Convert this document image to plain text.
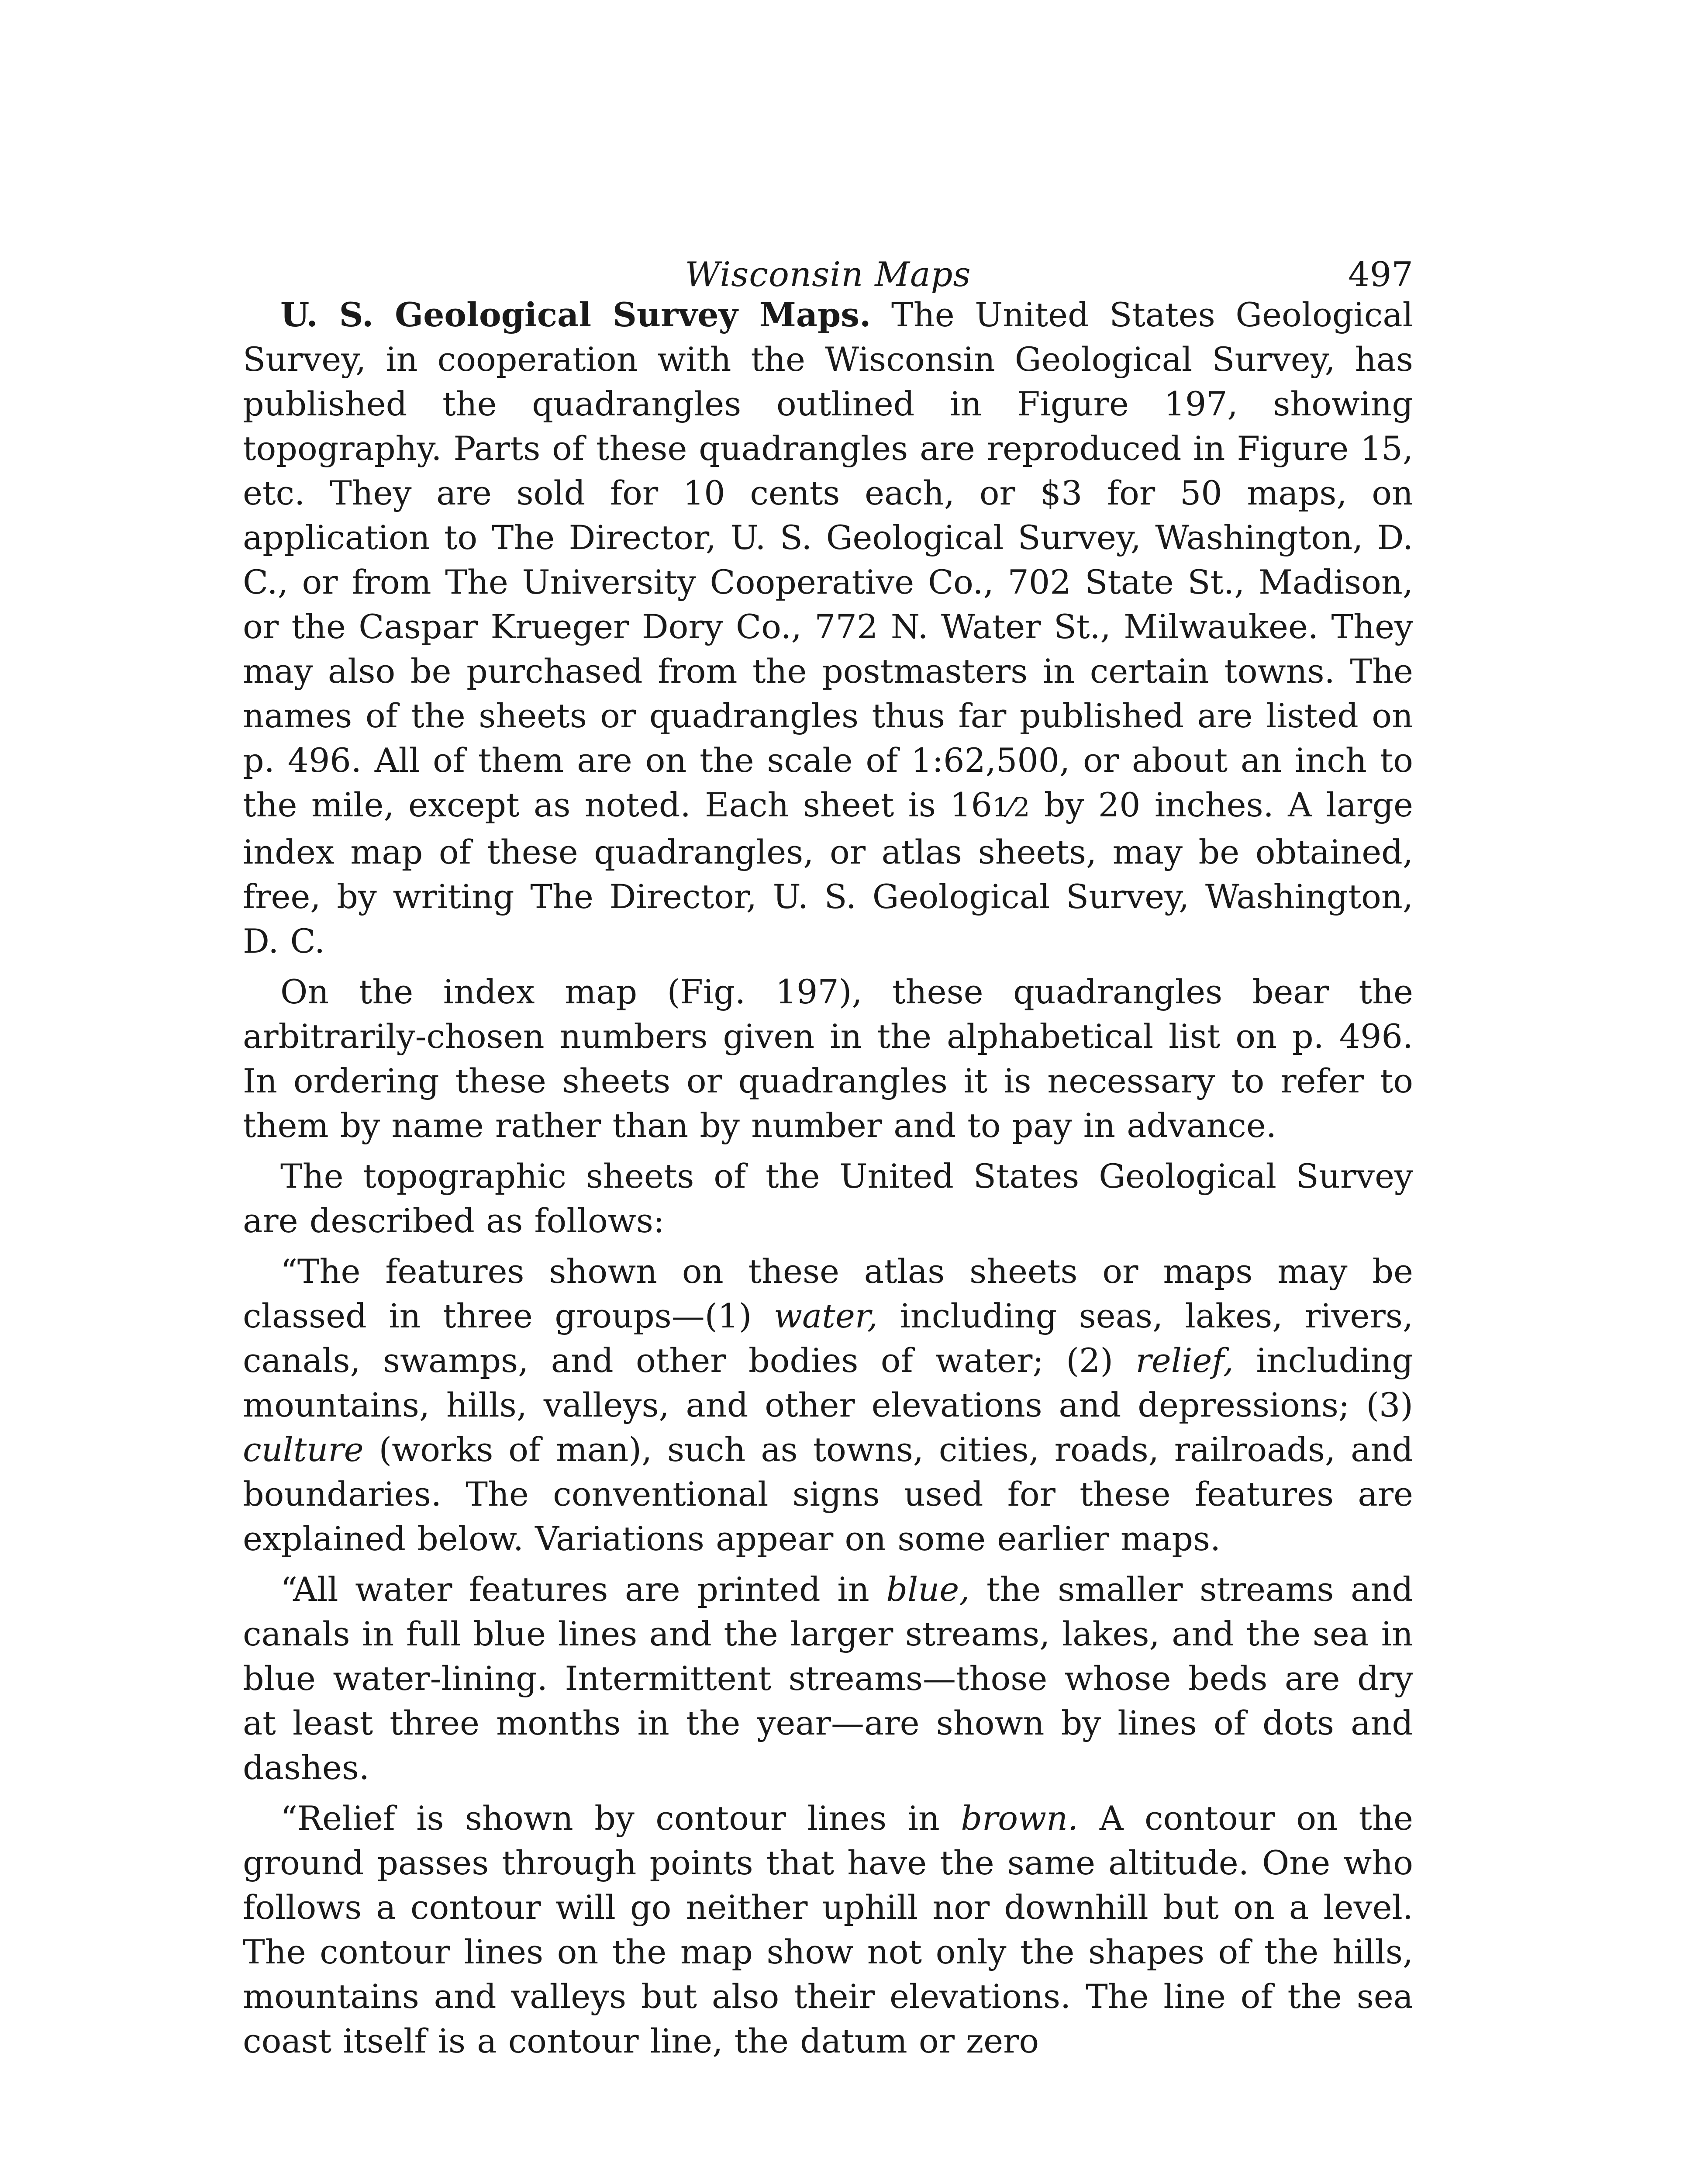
Wisconsin Maps	497

U. S. Geological Survey Maps. The United States Geological Survey, in cooperation with the Wisconsin Geological Survey, has published the quadrangles outlined in Figure 197, showing topography. Parts of these quadrangles are reproduced in Figure 15, etc. They are sold for 10 cents each, or $3 for 50 maps, on application to The Director, U. S. Geological Survey, Washington, D. C., or from The University Cooperative Co., 702 State St., Madison, or the Caspar Krueger Dory Co., 772 N. Water St., Milwaukee. They may also be purchased from the postmasters in certain towns. The names of the sheets or quadrangles thus far published are listed on p. 496. All of them are on the scale of 1:62,500, or about an inch to the mile, except as noted. Each sheet is 161⁄2 by 20 inches. A large index map of these quadrangles, or atlas sheets, may be obtained, free, by writing The Director, U. S. Geological Survey, Washington, D. C.

On the index map (Fig. 197), these quadrangles bear the arbitrarily-chosen numbers given in the alphabetical list on p. 496. In ordering these sheets or quadrangles it is necessary to refer to them by name rather than by number and to pay in advance.

The topographic sheets of the United States Geological Survey are described as follows:

“The features shown on these atlas sheets or maps may be classed in three groups—(1) water, including seas, lakes, rivers, canals, swamps, and other bodies of water; (2) relief, including mountains, hills, valleys, and other elevations and depressions; (3) culture (works of man), such as towns, cities, roads, railroads, and boundaries. The conventional signs used for these features are explained below. Variations appear on some earlier maps.

“All water features are printed in blue, the smaller streams and canals in full blue lines and the larger streams, lakes, and the sea in blue water-lining. Intermittent streams—those whose beds are dry at least three months in the year—are shown by lines of dots and dashes.

“Relief is shown by contour lines in brown. A contour on the ground passes through points that have the same altitude. One who follows a contour will go neither uphill nor downhill but on a level. The contour lines on the map show not only the shapes of the hills, mountains and valleys but also their elevations. The line of the sea coast itself is a contour line, the datum or zero
